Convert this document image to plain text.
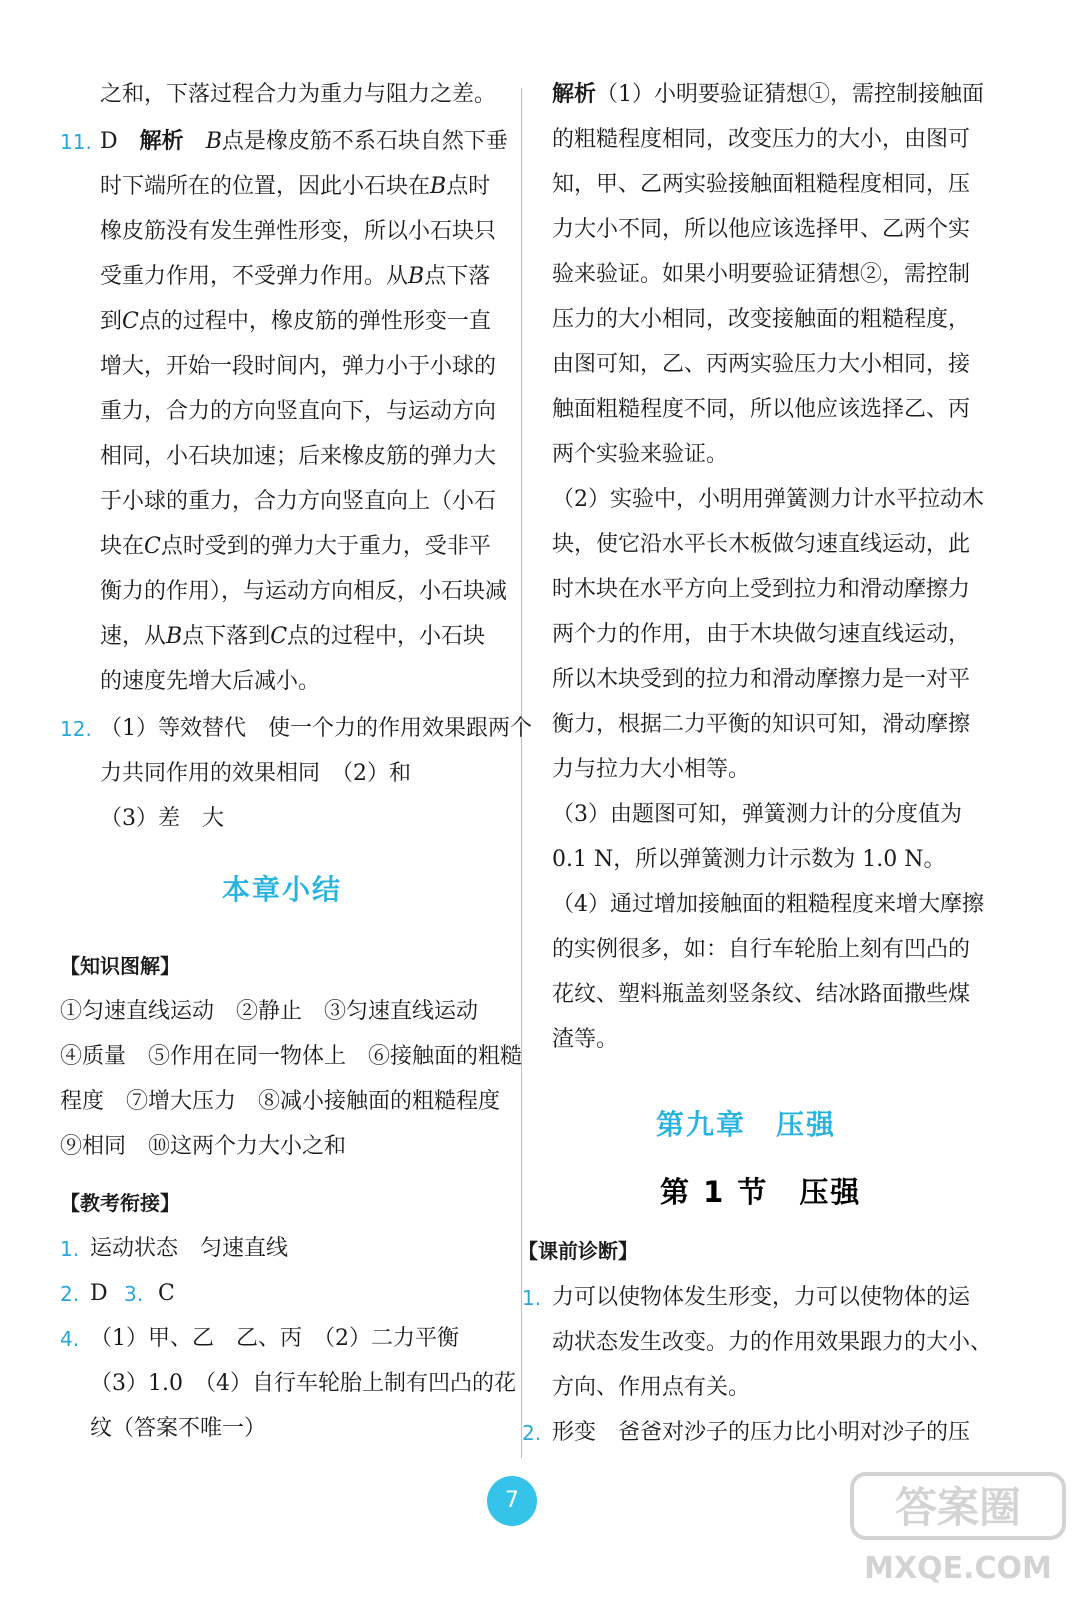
之和，下落过程合力为重力与阻力之差。
11. D　 解析　 B点是橡皮筋不系石块自然下垂
时下端所在的位置，因此小石块在B点时
橡皮筋没有发生弹性形变，所以小石块只
受重力作用，不受弹力作用。从B点下落
到C点的过程中，橡皮筋的弹性形变一直
增大，开始一段时间内，弹力小于小球的
重力，合力的方向竖直向下，与运动方向
相同，小石块加速；后来橡皮筋的弹力大
于小球的重力，合力方向竖直向上（小石
块在C点时受到的弹力大于重力，受非平
衡力的作用），与运动方向相反，小石块减
速，从B点下落到C点的过程中，小石块
的速度先增大后减小。
12. （1）等效替代　使一个力的作用效果跟两个
力共同作用的效果相同　（2）和
（3）差　大
本章小结
【知识图解】
①匀速直线运动　②静止　③匀速直线运动
④质量　⑤作用在同一物体上　⑥接触面的粗糙
程度　⑦增大压力　⑧减小接触面的粗糙程度
⑨相同　⑩这两个力大小之和
【教考衔接】
1. 运动状态　匀速直线
2. D 3. C
4. （1）甲、乙　乙、丙　（2）二力平衡
（3）1.0　（4）自行车轮胎上制有凹凸的花
纹（答案不唯一）
解析（1）小明要验证猜想①，需控制接触面
的粗糙程度相同，改变压力的大小，由图可
知，甲、乙两实验接触面粗糙程度相同，压
力大小不同，所以他应该选择甲、乙两个实
验来验证。如果小明要验证猜想②，需控制
压力的大小相同，改变接触面的粗糙程度，
由图可知，乙、丙两实验压力大小相同，接
触面粗糙程度不同，所以他应该选择乙、丙
两个实验来验证。
（2）实验中，小明用弹簧测力计水平拉动木
块，使它沿水平长木板做匀速直线运动，此
时木块在水平方向上受到拉力和滑动摩擦力
两个力的作用，由于木块做匀速直线运动，
所以木块受到的拉力和滑动摩擦力是一对平
衡力，根据二力平衡的知识可知，滑动摩擦
力与拉力大小相等。
（3）由题图可知，弹簧测力计的分度值为
0.1 N，所以弹簧测力计示数为 1.0 N。
（4）通过增加接触面的粗糙程度来增大摩擦
的实例很多，如：自行车轮胎上刻有凹凸的
花纹、塑料瓶盖刻竖条纹、结冰路面撒些煤
渣等。
第九章　压强
第 1 节　压强
【课前诊断】
1. 力可以使物体发生形变，力可以使物体的运
动状态发生改变。力的作用效果跟力的大小、
方向、作用点有关。
2. 形变　爸爸对沙子的压力比小明对沙子的压
7	答案圈
MXQE.COM
